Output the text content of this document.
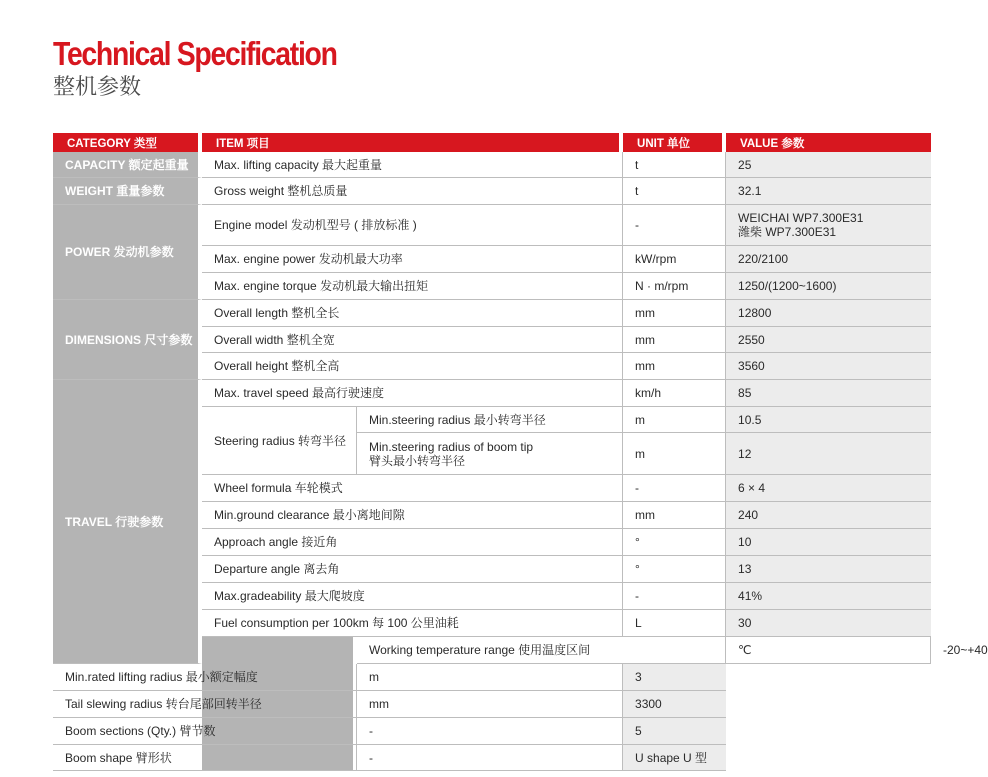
Technical Specification
整机参数
CATEGORY 类型	ITEM 项目		UNIT 单位	VALUE 参数	
CAPACITY 额定起重量	Max. lifting capacity 最大起重量		t	25	
WEIGHT 重量参数	Gross weight 整机总质量		t	32.1	
POWER 发动机参数	Engine model 发动机型号 ( 排放标准 )		-	WEICHAI WP7.300E31
潍柴 WP7.300E31	

	Max. engine power 发动机最大功率		kW/rpm	220/2100	
	Max. engine torque 发动机最大输出扭矩		N · m/rpm	1250/(1200~1600)	
DIMENSIONS 尺寸参数	Overall length 整机全长		mm	12800	
	Overall width 整机全宽		mm	2550	
	Overall height 整机全高		mm	3560	
TRAVEL 行驶参数	Max. travel speed 最高行驶速度		km/h	85	
	Steering radius 转弯半径	Min.steering radius 最小转弯半径	m	10.5	

		Min.steering radius of boom tip
臂头最小转弯半径	m	12	
	Wheel formula 车轮模式		-	6 × 4	
	Min.ground clearance 最小离地间隙		mm	240	
	Approach angle 接近角		°	10	
	Departure angle 离去角		°	13	
	Max.gradeability 最大爬坡度		-	41%	
	Fuel consumption per 100km 每 100 公里油耗		L	30	
		Working temperature range 使用温度区间		℃	-20~+40
Min.rated lifting radius 最小额定幅度		m	3		
Tail slewing radius 转台尾部回转半径		mm	3300		
Boom sections (Qty.) 臂节数		-	5		
Boom shape 臂形状		-	U shape U 型		
